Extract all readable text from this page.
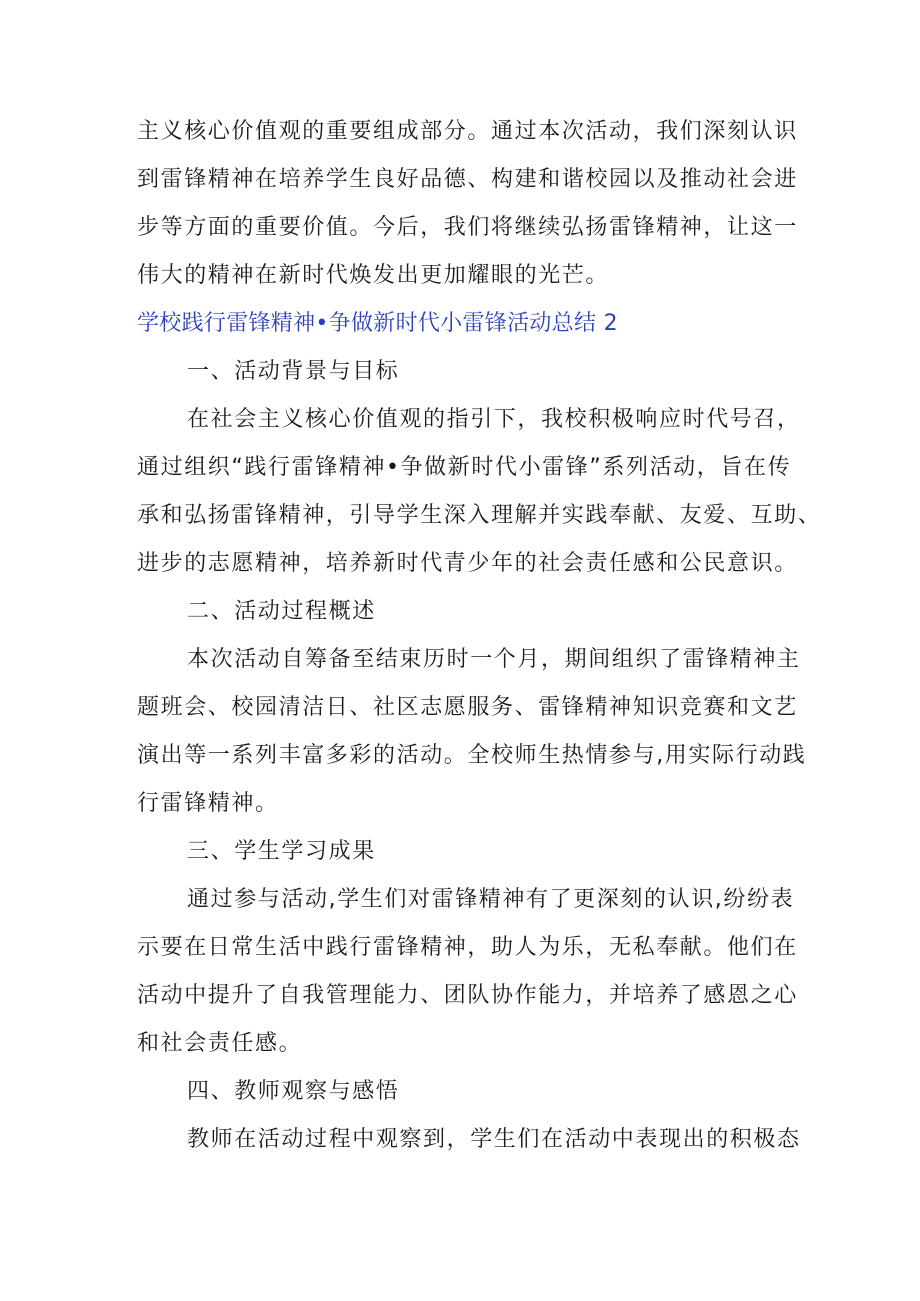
主义核心价值观的重要组成部分。通过本次活动，我们深刻认识
到雷锋精神在培养学生良好品德、构建和谐校园以及推动社会进
步等方面的重要价值。今后，我们将继续弘扬雷锋精神，让这一
伟大的精神在新时代焕发出更加耀眼的光芒。
学校践行雷锋精神•争做新时代小雷锋活动总结 2
一、活动背景与目标
在社会主义核心价值观的指引下，我校积极响应时代号召，
通过组织“践行雷锋精神•争做新时代小雷锋”系列活动，旨在传
承和弘扬雷锋精神，引导学生深入理解并实践奉献、友爱、互助、
进步的志愿精神，培养新时代青少年的社会责任感和公民意识。
二、活动过程概述
本次活动自筹备至结束历时一个月，期间组织了雷锋精神主
题班会、校园清洁日、社区志愿服务、雷锋精神知识竞赛和文艺
演出等一系列丰富多彩的活动。全校师生热情参与,用实际行动践
行雷锋精神。
三、学生学习成果
通过参与活动,学生们对雷锋精神有了更深刻的认识,纷纷表
示要在日常生活中践行雷锋精神，助人为乐，无私奉献。他们在
活动中提升了自我管理能力、团队协作能力，并培养了感恩之心
和社会责任感。
四、教师观察与感悟
教师在活动过程中观察到，学生们在活动中表现出的积极态
